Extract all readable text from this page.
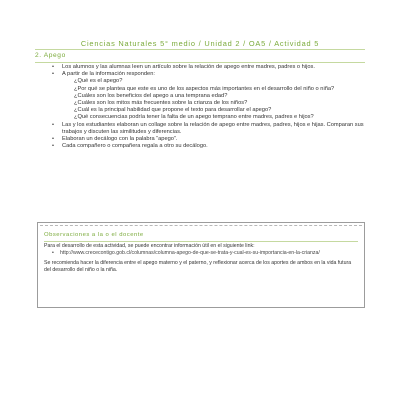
Ciencias Naturales 5° medio / Unidad 2 / OA5 / Actividad 5
2. Apego
• Los alumnos y las alumnas leen un artículo sobre la relación de apego entre madres, padres o hijos.
• A partir de la información responden:
¿Qué es el apego?
¿Por qué se plantea que este es uno de los aspectos más importantes en el desarrollo del niño o niña?
¿Cuáles son los beneficios del apego a una temprana edad?
¿Cuáles son los mitos más frecuentes sobre la crianza de los niños?
¿Cuál es la principal habilidad que propone el texto para desarrollar el apego?
¿Qué consecuencias podría tener la falta de un apego temprano entre madres, padres e hijos?
• Las y los estudiantes elaboran un collage sobre la relación de apego entre madres, padres, hijos e hijas. Comparan sus trabajos y discuten las similitudes y diferencias.
• Elaboran un decálogo con la palabra “apego”.
• Cada compañero o compañera regala a otro su decálogo.
Observaciones a la o el docente

Para el desarrollo de esta actividad, se puede encontrar información útil en el siguiente link:

• http://www.crececontigo.gob.cl/columnas/columna-apego-de-que-se-trata-y-cual-es-su-importancia-en-la-crianza/

Se recomienda hacer la diferencia entre el apego materno y el paterno, y reflexionar acerca de los aportes de ambos en la vida futura del desarrollo del niño o la niña.
